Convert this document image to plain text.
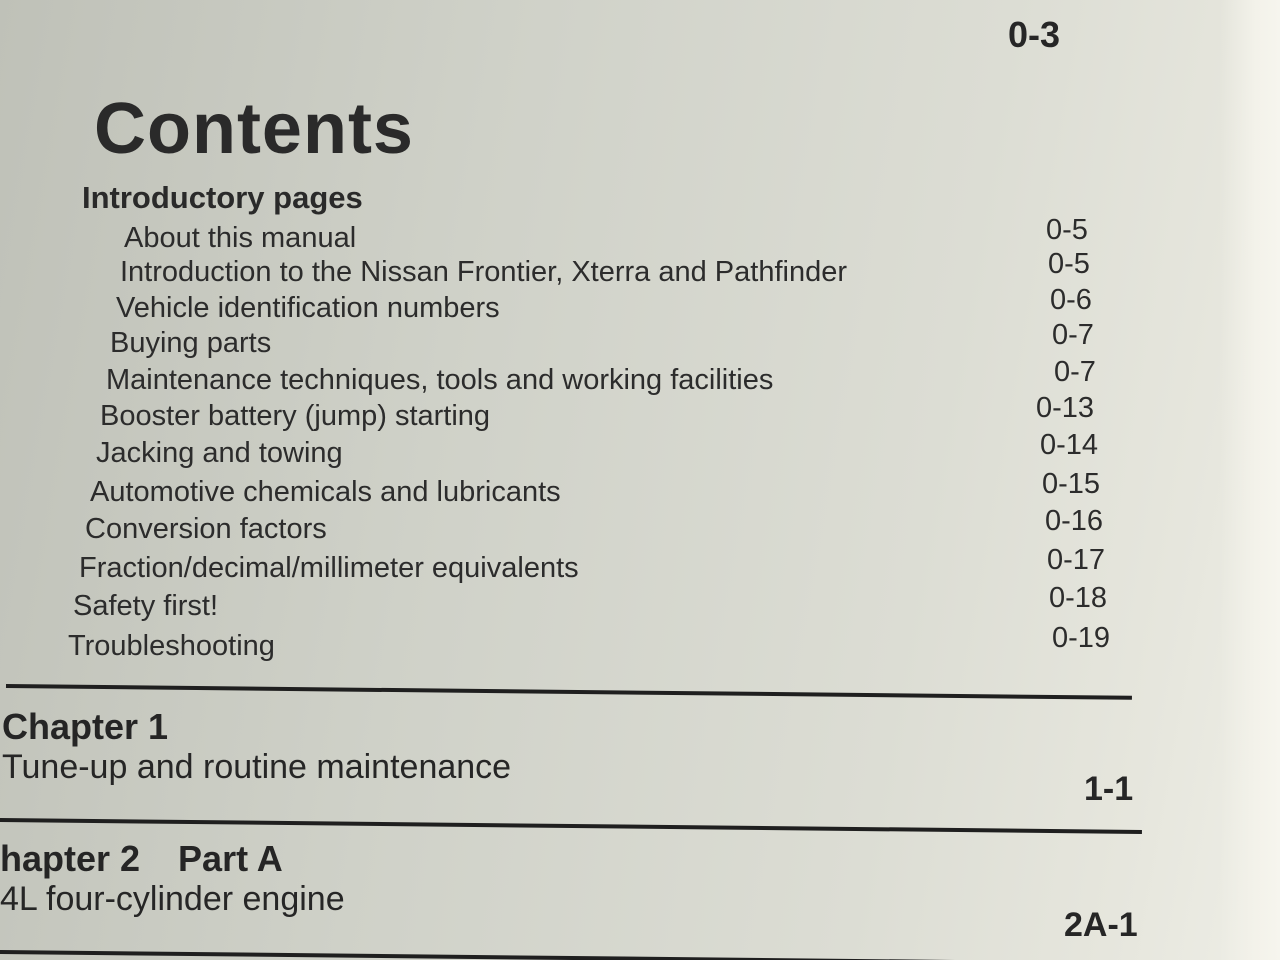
0-3
Contents
Introductory pages
About this manual	0-5
Introduction to the Nissan Frontier, Xterra and Pathfinder	0-5
Vehicle identification numbers	0-6
Buying parts	0-7
Maintenance techniques, tools and working facilities	0-7
Booster battery (jump) starting	0-13
Jacking and towing	0-14
Automotive chemicals and lubricants	0-15
Conversion factors	0-16
Fraction/decimal/millimeter equivalents	0-17
Safety first!	0-18
Troubleshooting	0-19
Chapter 1
Tune-up and routine maintenance
1-1
hapter 2 Part A
4L four-cylinder engine
2A-1
